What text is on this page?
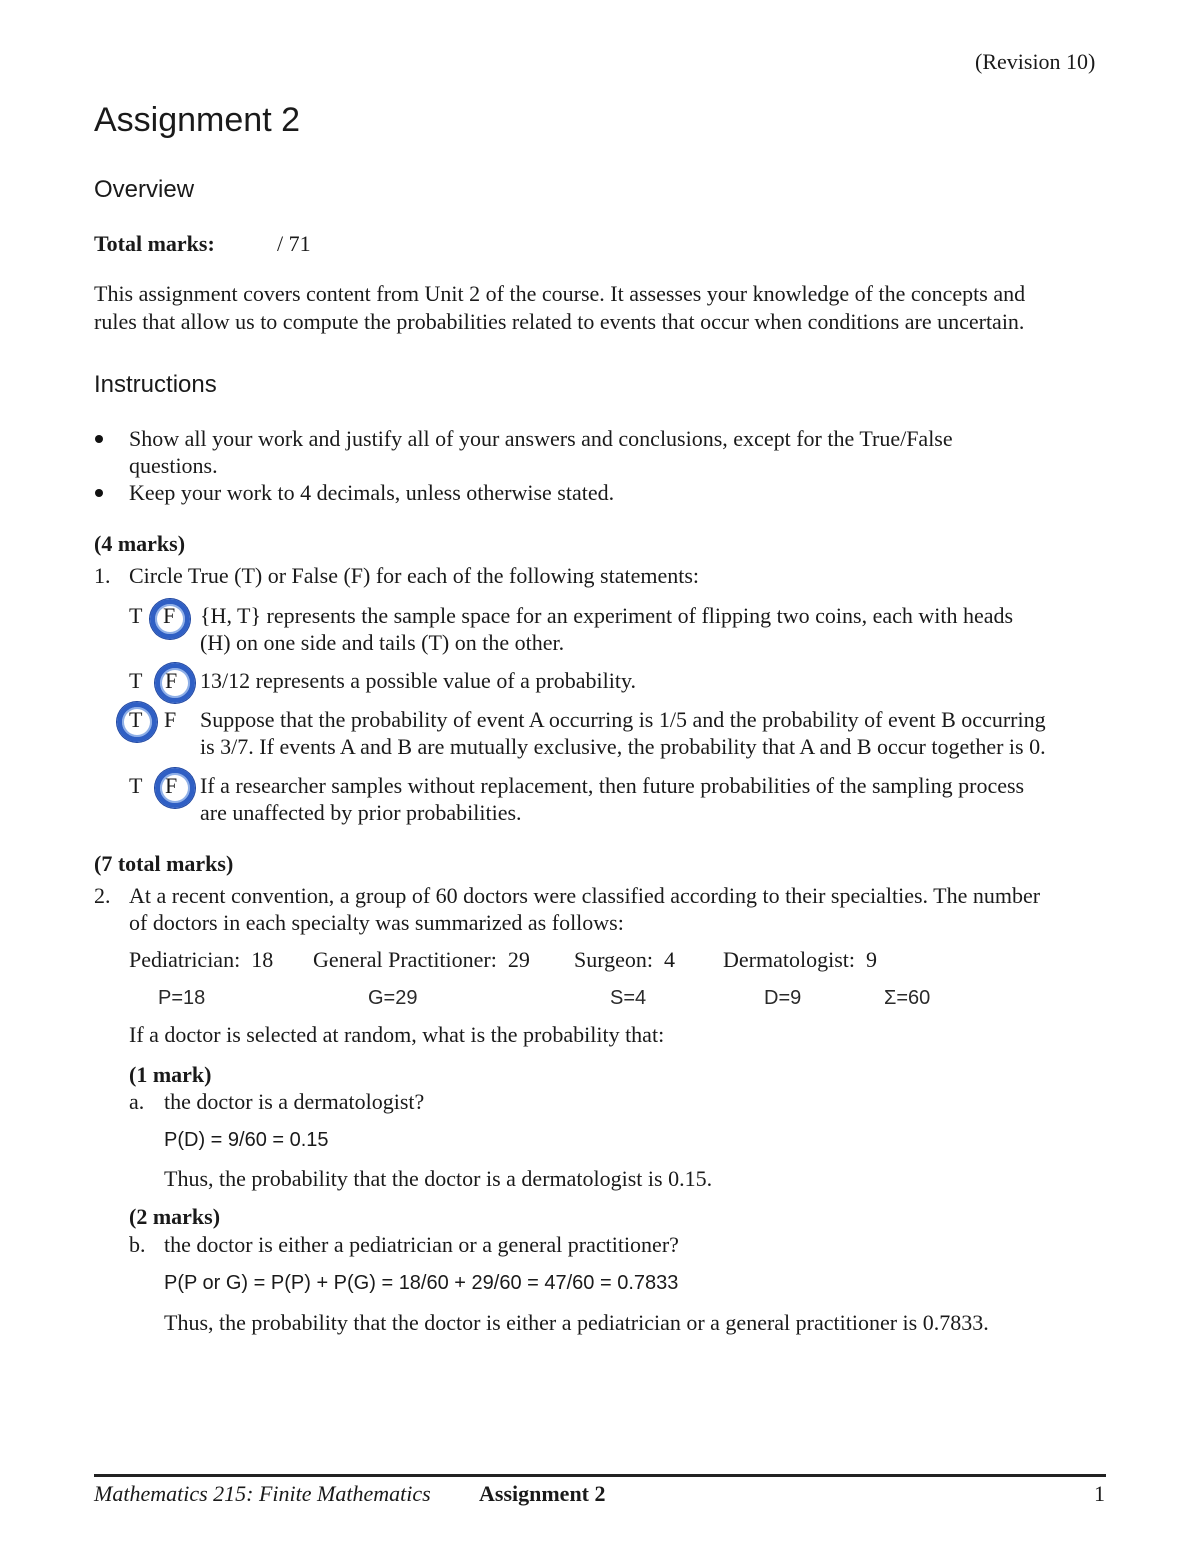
(Revision 10)
Assignment 2
Overview
Total marks:	/ 71
This assignment covers content from Unit 2 of the course. It assesses your knowledge of the concepts and
rules that allow us to compute the probabilities related to events that occur when conditions are uncertain.
Instructions
Show all your work and justify all of your answers and conclusions, except for the True/False
questions.
Keep your work to 4 decimals, unless otherwise stated.
(4 marks)
1. Circle True (T) or False (F) for each of the following statements:
T F {H, T} represents the sample space for an experiment of flipping two coins, each with heads
(H) on one side and tails (T) on the other.
T F 13/12 represents a possible value of a probability.
T F Suppose that the probability of event A occurring is 1/5 and the probability of event B occurring
is 3/7. If events A and B are mutually exclusive, the probability that A and B occur together is 0.
T F If a researcher samples without replacement, then future probabilities of the sampling process
are unaffected by prior probabilities.
(7 total marks)
2. At a recent convention, a group of 60 doctors were classified according to their specialties. The number
of doctors in each specialty was summarized as follows:
Pediatrician: 18 General Practitioner: 29 Surgeon: 4 Dermatologist: 9
P=18	G=29	S=4	D=9	Σ=60
If a doctor is selected at random, what is the probability that:
(1 mark)
a. the doctor is a dermatologist?
P(D) = 9/60 = 0.15
Thus, the probability that the doctor is a dermatologist is 0.15.
(2 marks)
b. the doctor is either a pediatrician or a general practitioner?
P(P or G) = P(P) + P(G) = 18/60 + 29/60 = 47/60 = 0.7833
Thus, the probability that the doctor is either a pediatrician or a general practitioner is 0.7833.
Mathematics 215: Finite Mathematics Assignment 2	1
